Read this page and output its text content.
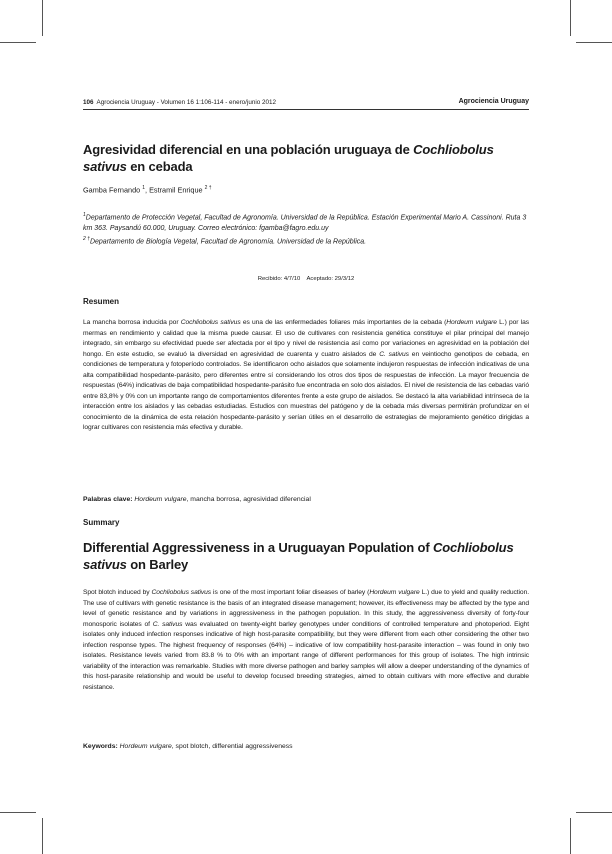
106 Agrociencia Uruguay - Volumen 16 1:106-114 - enero/junio 2012	Agrociencia Uruguay
Agresividad diferencial en una población uruguaya de Cochliobolus
sativus en cebada
Gamba Fernando $^1$, Estramil Enrique $^{2 \dagger}$
$^1$Departamento de Protección Vegetal, Facultad de Agronomía. Universidad de la República. Estación Experimental Mario A. Cassinoni. Ruta 3 km 363. Paysandú 60.000, Uruguay. Correo electrónico: fgamba@fagro.edu.uy
$^{2 \dagger}$Departamento de Biología Vegetal, Facultad de Agronomía. Universidad de la República.
Recibido: 4/7/10    Aceptado: 29/3/12
Resumen
La mancha borrosa inducida por Cochliobolus sativus es una de las enfermedades foliares más importantes de la cebada (Hordeum vulgare L.) por las mermas en rendimiento y calidad que la misma puede causar. El uso de cultivares con resistencia genética constituye el pilar principal del manejo integrado, sin embargo su efectividad puede ser afectada por el tipo y nivel de resistencia así como por variaciones en agresividad en la población del hongo. En este estudio, se evaluó la diversidad en agresividad de cuarenta y cuatro aislados de C. sativus en veintiocho genotipos de cebada, en condiciones de temperatura y fotoperíodo controlados. Se identificaron ocho aislados que solamente indujeron respuestas de infección indicativas de una alta compatibilidad hospedante-parásito, pero diferentes entre sí considerando los otros dos tipos de respuestas de infección. La mayor frecuencia de respuestas (64%) indicativas de baja compatibilidad hospedante-parásito fue encontrada en solo dos aislados. El nivel de resistencia de las cebadas varió entre 83,8% y 0% con un importante rango de comportamientos diferentes frente a este grupo de aislados. Se destacó la alta variabilidad intrínseca de la interacción entre los aislados y las cebadas estudiadas. Estudios con muestras del patógeno y de la cebada más diversas permitirán profundizar en el conocimiento de la dinámica de esta relación hospedante-parásito y serían útiles en el desarrollo de estrategias de mejoramiento genético dirigidas a lograr cultivares con resistencia más efectiva y durable.
Palabras clave: Hordeum vulgare, mancha borrosa, agresividad diferencial
Summary
Differential Aggressiveness in a Uruguayan Population of Cochliobolus
sativus on Barley
Spot blotch induced by Cochliobolus sativus is one of the most important foliar diseases of barley (Hordeum vulgare L.) due to yield and quality reduction. The use of cultivars with genetic resistance is the basis of an integrated disease management; however, its effectiveness may be affected by the type and level of genetic resistance and by variations in aggressiveness in the pathogen population. In this study, the aggressiveness diversity of forty-four monosporic isolates of C. sativus was evaluated on twenty-eight barley genotypes under conditions of controlled temperature and photoperiod. Eight isolates only induced infection responses indicative of high host-parasite compatibility, but they were different from each other considering the other two infection response types. The highest frequency of responses (64%) – indicative of low compatibility host-parasite interaction – was found in only two isolates. Resistance levels varied from 83.8 % to 0% with an important range of different performances for this group of isolates. The high intrinsic variability of the interaction was remarkable. Studies with more diverse pathogen and barley samples will allow a deeper understanding of the dynamics of this host-parasite relationship and would be useful to develop focused breeding strategies, aimed to obtain cultivars with more effective and durable resistance.
Keywords: Hordeum vulgare, spot blotch, differential aggressiveness
